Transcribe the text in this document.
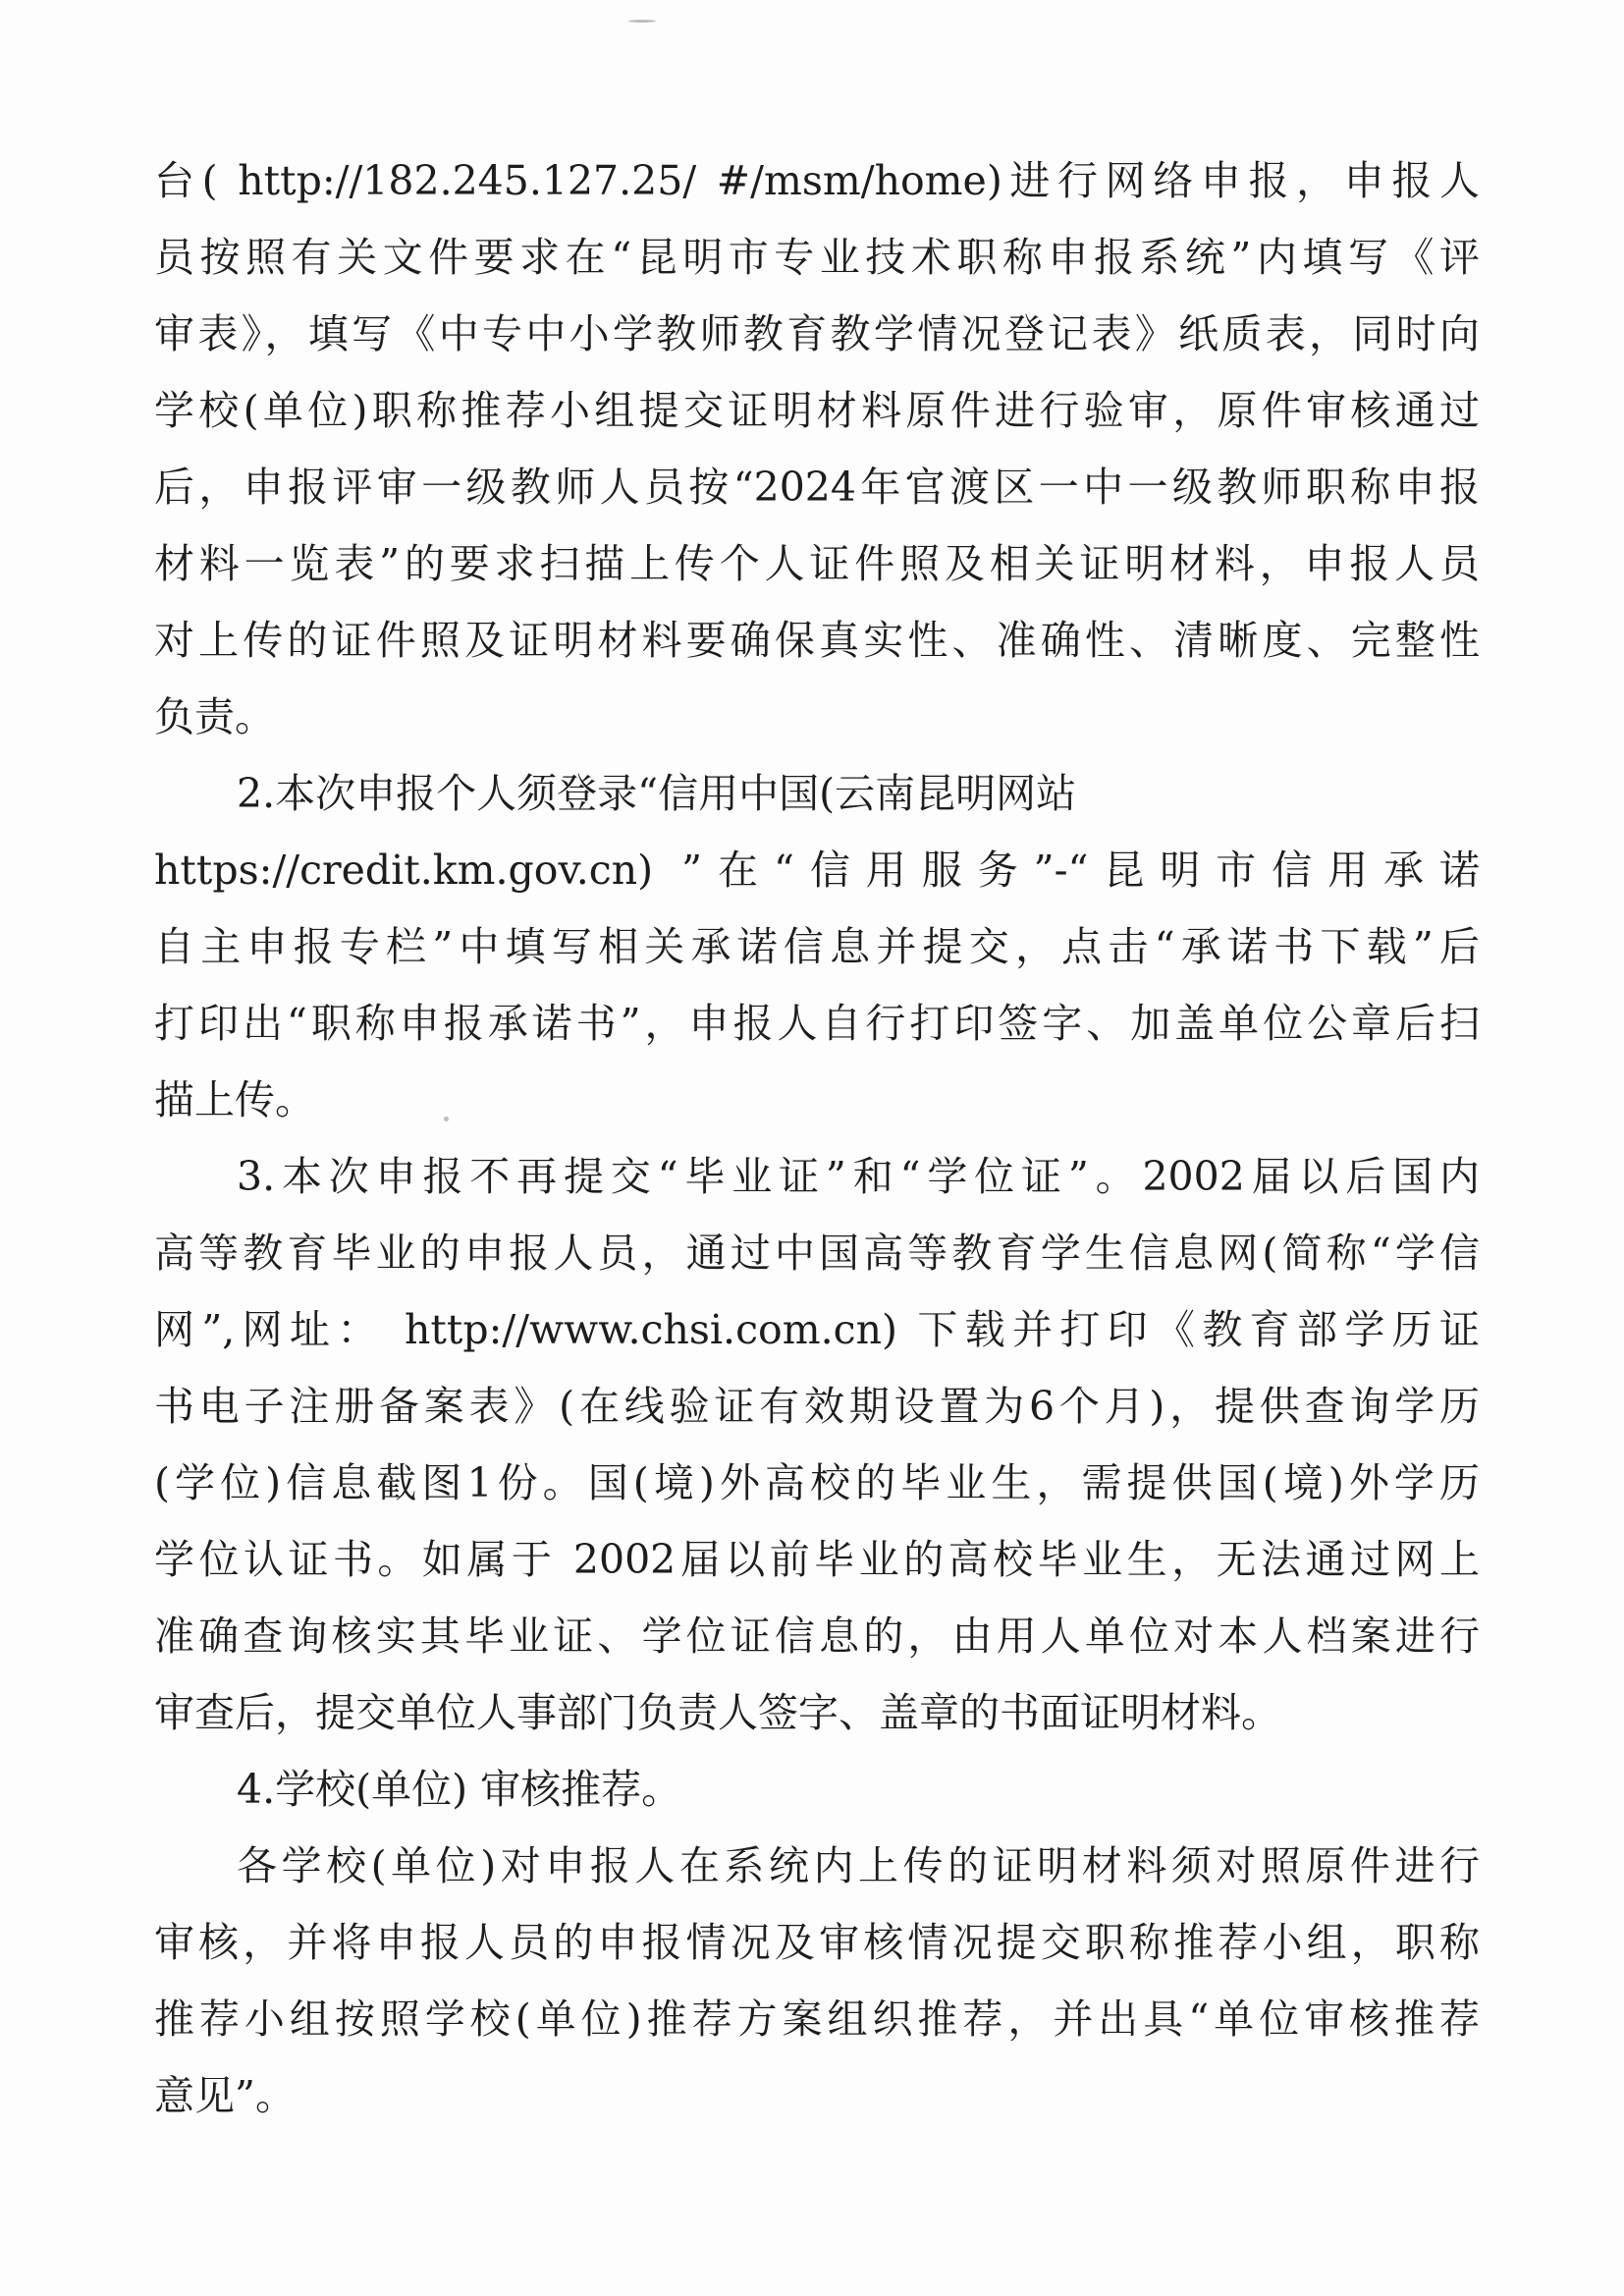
台( http://182.245.127.25/ #/msm/home)进行网络申报，申报人
员按照有关文件要求在“昆明市专业技术职称申报系统”内填写《评
审表》，填写《中专中小学教师教育教学情况登记表》纸质表，同时向
学校(单位)职称推荐小组提交证明材料原件进行验审，原件审核通过
后，申报评审一级教师人员按“2024年官渡区一中一级教师职称申报
材料一览表”的要求扫描上传个人证件照及相关证明材料，申报人员
对上传的证件照及证明材料要确保真实性、准确性、清晰度、完整性
负责。
2.本次申报个人须登录“信用中国(云南昆明网站
https://credit.km.gov.cn) ”在“信用服务”-“昆明市信用承诺
自主申报专栏”中填写相关承诺信息并提交，点击“承诺书下载”后
打印出“职称申报承诺书”，申报人自行打印签字、加盖单位公章后扫
描上传。
3.本次申报不再提交“毕业证”和“学位证”。2002届以后国内
高等教育毕业的申报人员，通过中国高等教育学生信息网(简称“学信
网”,网址： http://www.chsi.com.cn) 下载并打印《教育部学历证
书电子注册备案表》(在线验证有效期设置为6个月)，提供查询学历
(学位)信息截图1份。国(境)外高校的毕业生，需提供国(境)外学历
学位认证书。如属于 2002届以前毕业的高校毕业生，无法通过网上
准确查询核实其毕业证、学位证信息的，由用人单位对本人档案进行
审查后，提交单位人事部门负责人签字、盖章的书面证明材料。
4.学校(单位) 审核推荐。
各学校(单位)对申报人在系统内上传的证明材料须对照原件进行
审核，并将申报人员的申报情况及审核情况提交职称推荐小组，职称
推荐小组按照学校(单位)推荐方案组织推荐，并出具“单位审核推荐
意见”。
